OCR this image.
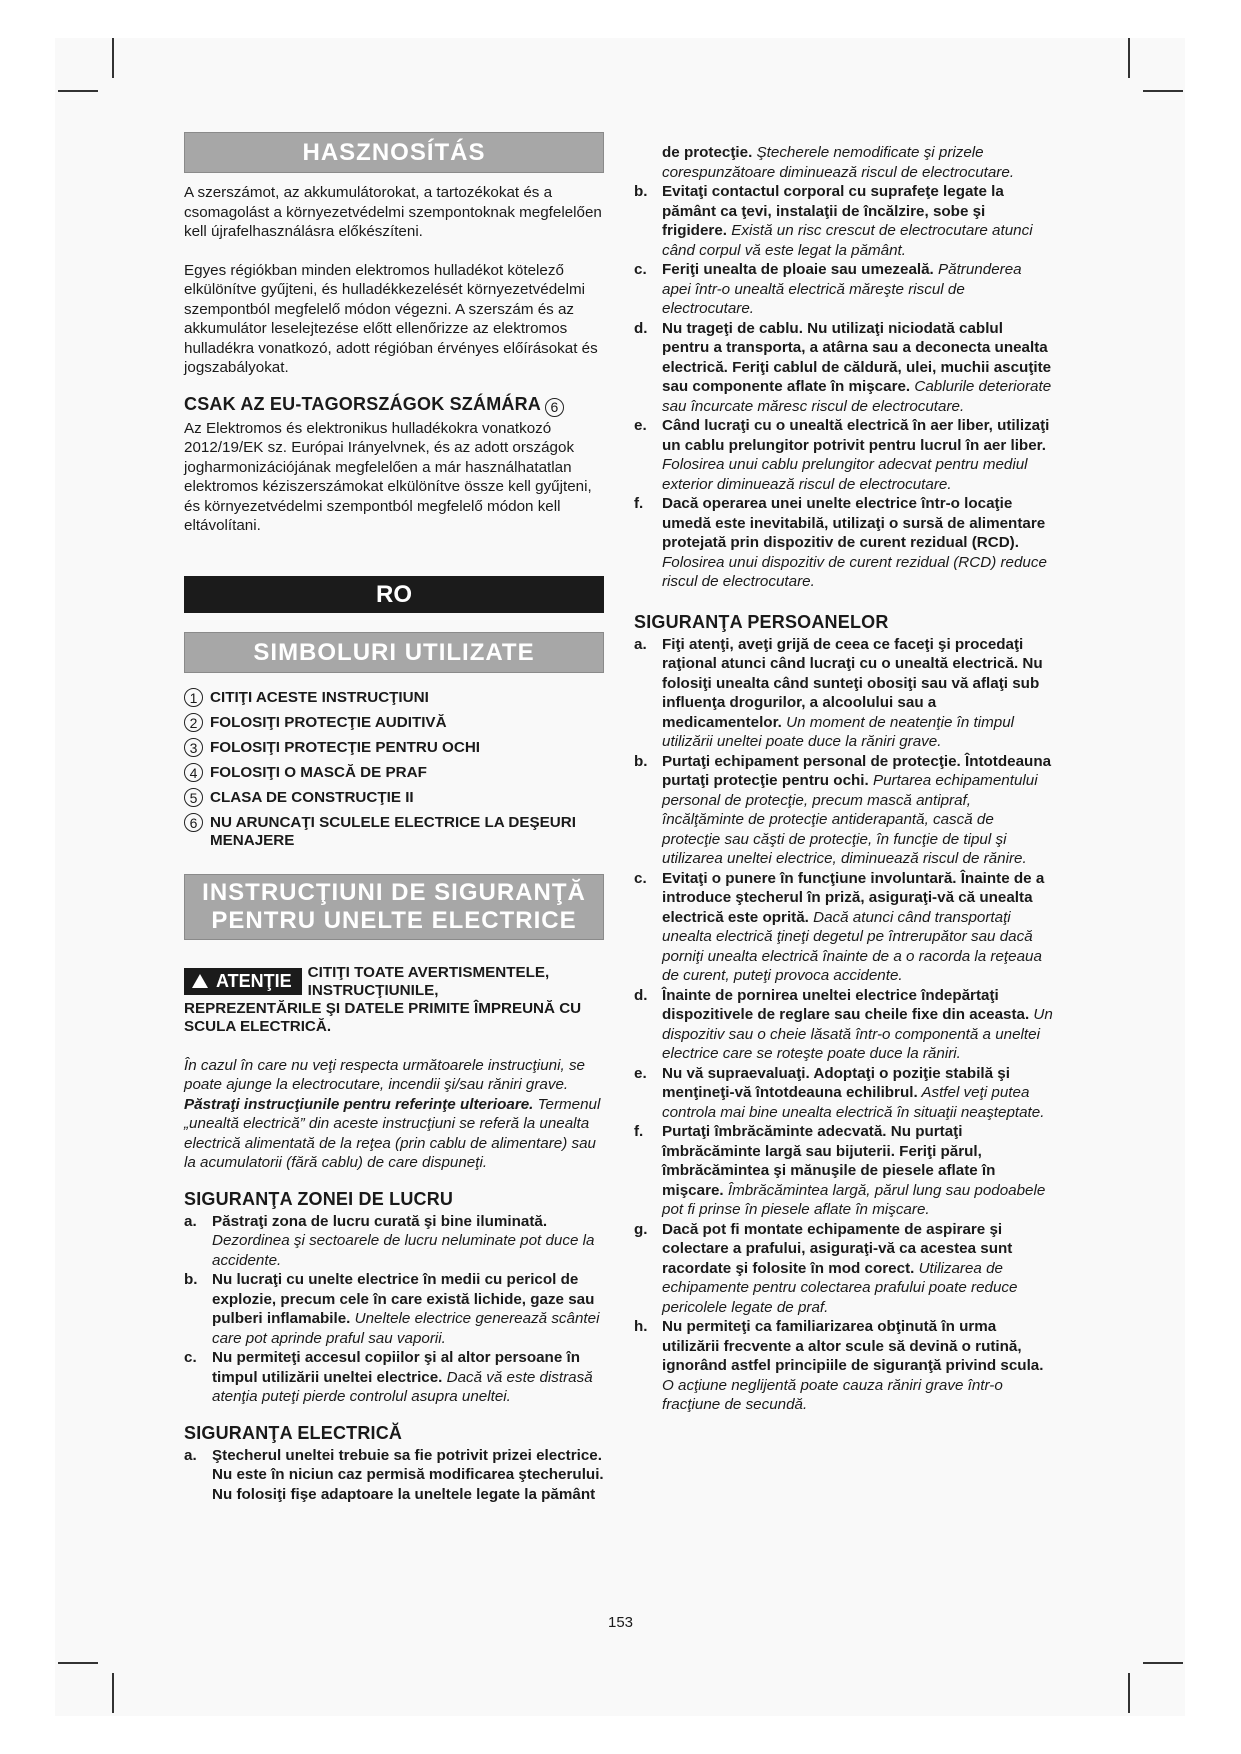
HASZNOSÍTÁS

A szerszámot, az akkumulátorokat, a tartozékokat és a csomagolást a környezetvédelmi szempontoknak megfelelően kell újrafelhasználásra előkészíteni.

Egyes régiókban minden elektromos hulladékot kötelező elkülönítve gyűjteni, és hulladékkezelését környezetvédelmi szempontból megfelelő módon végezni. A szerszám és az akkumulátor leselejtezése előtt ellenőrizze az elektromos hulladékra vonatkozó, adott régióban érvényes előírásokat és jogszabályokat.

CSAK AZ EU-TAGORSZÁGOK SZÁMÁRA 6

Az Elektromos és elektronikus hulladékokra vonatkozó 2012/19/EK sz. Európai Irányelvnek, és az adott országok jogharmonizációjának megfelelően a már használhatatlan elektromos kéziszerszámokat elkülönítve össze kell gyűjteni, és környezetvédelmi szempontból megfelelő módon kell eltávolítani.

RO
SIMBOLURI UTILIZATE
1 CITIŢI ACESTE INSTRUCŢIUNI
2 FOLOSIŢI PROTECŢIE AUDITIVĂ
3 FOLOSIŢI PROTECŢIE PENTRU OCHI
4 FOLOSIŢI O MASCĂ DE PRAF
5 CLASA DE CONSTRUCŢIE II
6 NU ARUNCAŢI SCULELE ELECTRICE LA DEŞEURI MENAJERE
INSTRUCŢIUNI DE SIGURANŢĂ
PENTRU UNELTE ELECTRICE
ATENŢIE	CITIŢI TOATE AVERTISMENTELE, INSTRUCŢIUNILE,
REPREZENTĂRILE ŞI DATELE PRIMITE ÎMPREUNĂ CU SCULA ELECTRICĂ.

În cazul în care nu veţi respecta următoarele instrucţiuni, se poate ajunge la electrocutare, incendii şi/sau răniri grave. Păstraţi instrucţiunile pentru referinţe ulterioare. Termenul „unealtă electrică” din aceste instrucţiuni se referă la unealta electrică alimentată de la reţea (prin cablu de alimentare) sau la acumulatorii (fără cablu) de care dispuneţi.

SIGURANŢA ZONEI DE LUCRU
a.	Păstraţi zona de lucru curată şi bine iluminată. Dezordinea şi sectoarele de lucru neluminate pot duce la accidente.
b. Nu lucraţi cu unelte electrice în medii cu pericol de explozie, precum cele în care există lichide, gaze sau pulberi inflamabile. Uneltele electrice generează scântei care pot aprinde praful sau vaporii.
c.	Nu permiteţi accesul copiilor şi al altor persoane în timpul utilizării uneltei electrice. Dacă vă este distrasă atenţia puteţi pierde controlul asupra uneltei.
SIGURANŢA ELECTRICĂ
a.	Ştecherul uneltei trebuie sa fie potrivit prizei electrice. Nu este în niciun caz permisă modificarea ştecherului. Nu folosiţi fişe adaptoare la uneltele legate la pământ
de protecţie. Ştecherele nemodificate şi prizele corespunzătoare diminuează riscul de electrocutare.
b. Evitaţi contactul corporal cu suprafeţe legate la pământ ca ţevi, instalaţii de încălzire, sobe şi frigidere. Există un risc crescut de electrocutare atunci când corpul vă este legat la pământ.
c.	Feriţi unealta de ploaie sau umezeală. Pătrunderea apei într-o unealtă electrică măreşte riscul de electrocutare.
d. Nu trageţi de cablu. Nu utilizaţi niciodată cablul pentru a transporta, a atârna sau a deconecta unealta electrică. Feriţi cablul de căldură, ulei, muchii ascuţite sau componente aflate în mişcare. Cablurile deteriorate sau încurcate măresc riscul de electrocutare.
e.	Când lucraţi cu o unealtă electrică în aer liber, utilizaţi un cablu prelungitor potrivit pentru lucrul în aer liber. Folosirea unui cablu prelungitor adecvat pentru mediul exterior diminuează riscul de electrocutare.
f.	Dacă operarea unei unelte electrice într-o locaţie umedă este inevitabilă, utilizaţi o sursă de alimentare protejată prin dispozitiv de curent rezidual (RCD). Folosirea unui dispozitiv de curent rezidual (RCD) reduce riscul de electrocutare.
SIGURANŢA PERSOANELOR
a.	Fiţi atenţi, aveţi grijă de ceea ce faceţi şi procedaţi raţional atunci când lucraţi cu o unealtă electrică. Nu folosiţi unealta când sunteţi obosiţi sau vă aflaţi sub influenţa drogurilor, a alcoolului sau a medicamentelor. Un moment de neatenţie în timpul utilizării uneltei poate duce la răniri grave.
b. Purtaţi echipament personal de protecţie. Întotdeauna purtaţi protecţie pentru ochi. Purtarea echipamentului personal de protecţie, precum mască antipraf, încălţăminte de protecţie antiderapantă, cască de protecţie sau căşti de protecţie, în funcţie de tipul şi utilizarea uneltei electrice, diminuează riscul de rănire.
c.	Evitaţi o punere în funcţiune involuntară. Înainte de a introduce ştecherul în priză, asiguraţi-vă că unealta electrică este oprită. Dacă atunci când transportaţi unealta electrică ţineţi degetul pe întrerupător sau dacă porniţi unealta electrică înainte de a o racorda la reţeaua de curent, puteţi provoca accidente.
d. Înainte de pornirea uneltei electrice îndepărtaţi dispozitivele de reglare sau cheile fixe din aceasta. Un dispozitiv sau o cheie lăsată într-o componentă a uneltei electrice care se roteşte poate duce la răniri.
e.	Nu vă supraevaluaţi. Adoptaţi o poziţie stabilă şi menţineţi-vă întotdeauna echilibrul. Astfel veţi putea controla mai bine unealta electrică în situaţii neaşteptate.
f.	Purtaţi îmbrăcăminte adecvată. Nu purtaţi îmbrăcăminte largă sau bijuterii. Feriţi părul, îmbrăcămintea şi mănuşile de piesele aflate în mişcare. Îmbrăcămintea largă, părul lung sau podoabele pot fi prinse în piesele aflate în mişcare.
g. Dacă pot fi montate echipamente de aspirare şi colectare a prafului, asiguraţi-vă ca acestea sunt racordate şi folosite în mod corect. Utilizarea de echipamente pentru colectarea prafului poate reduce pericolele legate de praf.
h. Nu permiteţi ca familiarizarea obţinută în urma utilizării frecvente a altor scule să devină o rutină, ignorând astfel principiile de siguranţă privind scula. O acţiune neglijentă poate cauza răniri grave într-o fracţiune de secundă.
153
